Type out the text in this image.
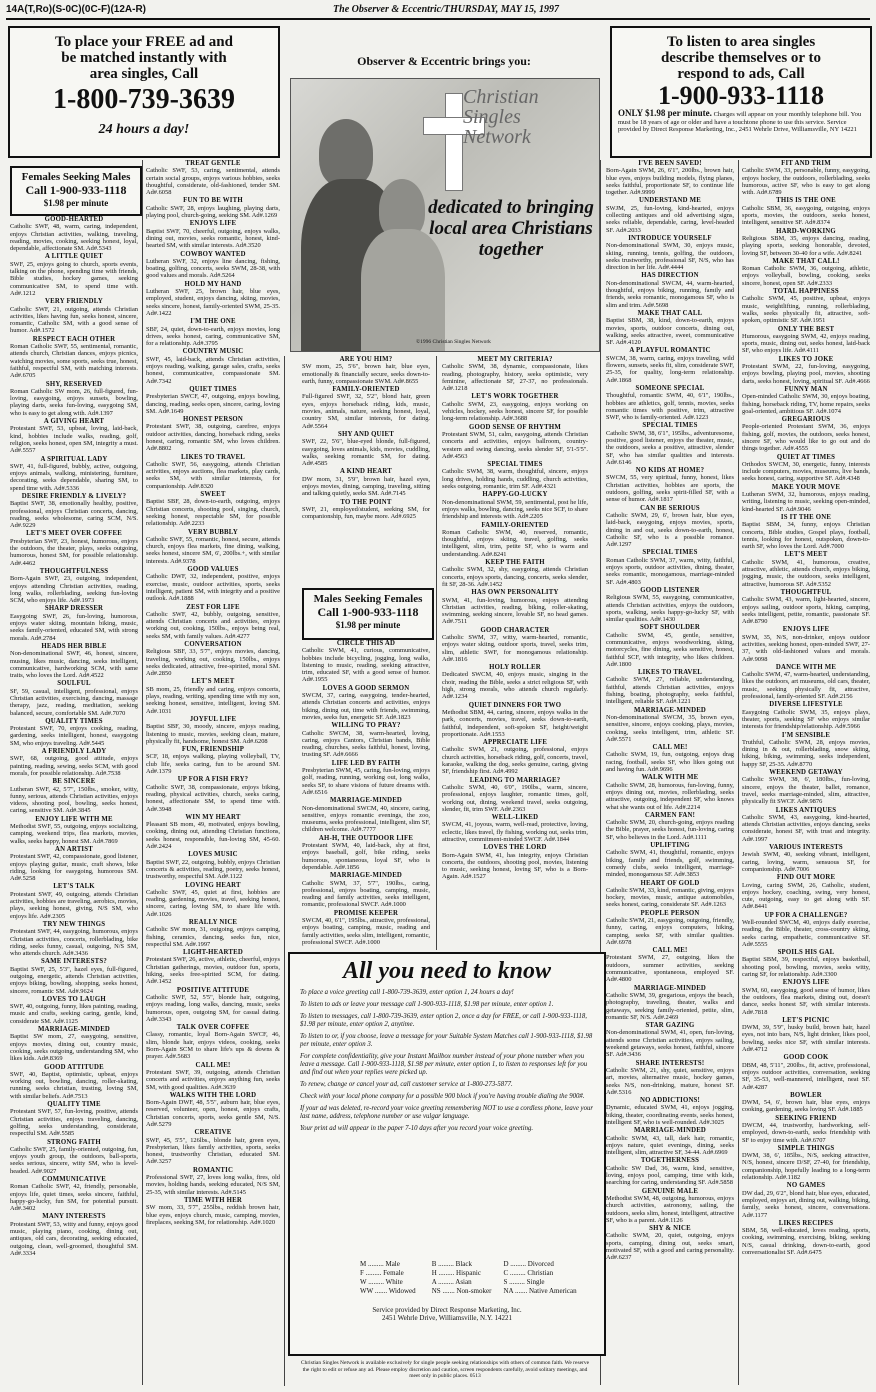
14A(T,Ro)(S-0C)(0C-F)(12A-R)	The Observer & Eccentric/THURSDAY, MAY 15, 1997
To place your FREE ad and
be matched instantly with
area singles, Call
1-800-739-3639
24 hours a day!
Observer & Eccentric brings you:
Christian Singles Network
dedicated to bringing local area Christians together
©1996 Christian Singles Network
To listen to area singles
describe themselves or to
respond to ads, Call
1-900-933-1118
ONLY $1.98 per minute. Charges will appear on your monthly telephone bill. You must be 18 years of age or older and have a touchtone phone to use this service. Service provided by Direct Response Marketing, Inc., 2451 Wehrle Drive, Williamsville, NY 14221
Females Seeking Males
Call 1-900-933-1118
$1.98 per minute
GOOD-HEARTED

Catholic SWF, 48, warm, caring, independent, enjoys Christian activities, walking, traveling, reading, movies, cooking, seeking honest, loyal, dependable, affectionate SM. Ad#.5343

A LITTLE QUIET

SWF, 25, enjoys going to church, sports events, talking on the phone, spending time with friends, Bible studies, hockey games, seeking communicative SM, to spend time with. Ad#.1212

VERY FRIENDLY

Catholic SWF, 21, outgoing, attends Christian activities, likes having fun, seeks honest, sincere, romantic, Catholic SM, with a good sense of humor. Ad#.1572

RESPECT EACH OTHER

Roman Catholic SWF, 55, sentimental, romantic, attends church, Christian dances, enjoys picnics, watching movies, some sports, seeks true, honest, faithful, respectful SM, with matching interests. Ad#.6705

SHY, RESERVED

Roman Catholic SW mom, 26, full-figured, fun-loving, easygoing, enjoys sunsets, bowling, playing darts, seeks fun-loving, easygoing SM, who is easy to get along with. Ad#.1397

A GIVING HEART

Protestant SWF, 53, upbeat, loving, laid-back, kind, hobbies include walks, reading, golf, religion, seeks honest, open SM, integrity a must. Ad#.5557

A SPIRITUAL LADY

SWF, 41, full-figured, bubbly, active, outgoing, enjoys animals, walking, ministering, furniture, decorating, seeks dependable, sharing SM, to spend time with. Ad#.5336

DESIRE FRIENDLY & LIVELY?

Baptist SWF, 38, emotionally healthy, positive, professional, enjoys Christian concerts, dancing, reading, seeks wholesome, caring SCM, N/S. Ad#.9229

LET'S MEET OVER COFFEE

Presbyterian SWF, 23, honest, humorous, enjoys the outdoors, the theater, plays, seeks outgoing, humorous, honest SM, for possible relationship. Ad#.4462

THOUGHTFULNESS

Born-Again SWF, 23, outgoing, independent, enjoys attending Christian activities, reading, long walks, rollerblading, seeking fun-loving SCM, who enjoys life. Ad#.1973

SHARP DRESSER

Easygoing SWF, 26, fun-loving, humorous, enjoys water skiing, mountain biking, music, seeks family-oriented, educated SM, with strong morals. Ad#.2784

HEADS HER BIBLE

Non-denominational SWF, 46, honest, sincere, musing, likes music, dancing, seeks intelligent, communicative, hardworking SCM, with same traits, who loves the Lord. Ad#.4522

SOULFUL

SF, 59, casual, intelligent, professional, enjoys Christian activities, exercising, dancing, massage therapy, jazz, reading, meditation, seeking balanced, secure, comfortable SM. Ad#.7070

QUALITY TIMES

Protestant SWF, 70, enjoys cooking, reading, gardening, seeks intelligent, honest, easygoing SM, who enjoys traveling. Ad#.5445

A FRIENDLY LADY

SWF, 68, outgoing, good attitude, enjoys painting, reading, sewing, seeks SCM, with good morals, for possible relationship. Ad#.7538

BE SINCERE

Lutheran SWF, 42, 5'7", 150lbs., smoker, witty, funny, serious, attends Christian activities, enjoys videos, shooting pool, bowling, seeks honest, caring, sensitive SM. Ad#.3845

ENJOY LIFE WITH ME

Methodist SWF, 55, outgoing, enjoys socializing, camping, weekend trips, flea markets, movies, walks, seeks happy, honest SM. Ad#.7869

AN ARTIST

Protestant SWF, 42, compassionate, good listener, enjoys playing guitar, music, craft shows, bike riding, looking for easygoing, humorous SM. Ad#.5258

LET'S TALK

Protestant SWF, 49, outgoing, attends Christian activities, hobbies are traveling, aerobics, movies, plays, seeking honest, giving, N/S SM, who enjoys life. Ad#.2305

TRY NEW THINGS

Protestant SWF, 44, easygoing, humorous, enjoys Christian activities, concerts, rollerblading, bike riding, seeks funny, casual, outgoing, N/S SM, who attends church. Ad#.3436

SAME INTERESTS?

Baptist SWF, 25, 5'3", hazel eyes, full-figured, outgoing, energetic, attends Christian activities, enjoys biking, bowling, shopping, seeks honest, sincere, romantic SM. Ad#.9624

LOVES TO LAUGH

SWF, 40, outgoing, funny, likes painting, reading, music and crafts, seeking caring, gentle, kind, considerate SM. Ad#.1125

MARRIAGE-MINDED

Baptist SW mom, 27, easygoing, sensitive, enjoys movies, dining out, country music, cooking, seeks outgoing, understanding SM, who likes kids. Ad#.8369

GOOD ATTITUDE

SWF, 40, Baptist, optimistic, upbeat, enjoys working out, bowling, dancing, roller-skating, running, seeks christian, trusting, loving SM, with similar beliefs. Ad#.7513

QUALITY TIME

Protestant SWF, 57, fun-loving, positive, attends Christian activities, enjoys traveling, dancing, golfing, seeks understanding, considerate, respectful SM. Ad#.5585

STRONG FAITH

Catholic SWF, 25, family-oriented, outgoing, fun, enjoys youth group, the outdoors, ball-sports, seeks serious, sincere, witty SM, who is level-headed. Ad#.9027

COMMUNICATIVE

Roman Catholic SWF, 42, friendly, personable, enjoys life, quiet times, seeks sincere, faithful, happy-go-lucky, fun SM, for potential pursuit. Ad#.3402

MANY INTERESTS

Protestant SWF, 53, witty and funny, enjoys good music, playing piano, cooking, dining out, antiques, old cars, decorating, seeking educated, outgoing, clean, well-groomed, thoughtful SM. Ad#.3334

TREAT GENTLE

Catholic SWF, 53, caring, sentimental, attends certain social groups, enjoys various hobbies, seeks thoughtful, considerate, old-fashioned, tender SM. Ad#.6058

FUN TO BE WITH

Catholic SWF, 28, enjoys laughing, playing darts, playing pool, church-going, seeking SM. Ad#.1269

ENJOYS LIFE

Baptist SWF, 70, cheerful, outgoing, enjoys walks, dining out, movies, seeks romantic, honest, kind-hearted SM, with similar interests. Ad#.3520

COWBOY WANTED

Lutheran SWF, 32, enjoys line dancing, fishing, boating, golfing, concerts, seeks SWM, 28-38, with good values and morals. Ad#.5264

HOLD MY HAND

Lutheran SWF, 25, brown hair, blue eyes, employed, student, enjoys dancing, skiing, movies, seeks sincere, honest, family-oriented SWM, 25-35. Ad#.1422

I'M THE ONE

SBF, 24, quiet, down-to-earth, enjoys movies, long drives, seeks honest, caring, communicative SM, for a relationship. Ad#.3795

COUNTRY MUSIC

SWF, 45, laid-back, attends Christian activities, enjoys reading, walking, garage sales, crafts, seeks honest, communicative, compassionate SM. Ad#.7342

QUIET TIMES

Presbyterian SWCF, 47, outgoing, enjoys bowling, dancing, reading, seeks open, sincere, caring, loving SM. Ad#.1649

HONEST PERSON

Protestant SWF, 38, outgoing, carefree, enjoys outdoor activities, dancing, horseback riding, seeks honest, caring, romantic SM, who loves children. Ad#.8802

LIKES TO TRAVEL

Catholic SWF, 56, easygoing, attends Christian activities, enjoys auctions, flea markets, play cards, seeks SM, with similar interests, for companionship. Ad#.8320

SWEET

Baptist SBF, 28, down-to-earth, outgoing, enjoys Christian concerts, shooting pool, singing, church, seeking honest, respectable SM, for possible relationship. Ad#.2233

VERY BUBBLY

Catholic SWF, 55, romantic, honest, secure, attends church, enjoys flea markets, fine dining, walking, seeks honest, sincere SM, 6', 200lbs.+, with similar interests. Ad#.9378

GOOD VALUES

Catholic DWF, 32, independent, positive, enjoys exercise, music, outdoor activities, sports, seeks intelligent, patient SM, with integrity and a positive outlook. Ad#.1888

ZEST FOR LIFE

Catholic SWF, 42, bubbly, outgoing, sensitive, attends Christian concerts and activities, enjoys working out, cooking, 150lbs., enjoys being real, seeks SM, with family values. Ad#.4277

CONVERSATION

Religious SBF, 33, 5'7", enjoys movies, dancing, traveling, working out, cooking, 150lbs., enjoys seeks dedicated, attractive, free-spirited, moral SM. Ad#.2850

LET'S MEET

SB mom, 25, friendly and caring, enjoys concerts, plays, reading, writing, spending time with my son, seeking honest, sensitive, intelligent, loving SM. Ad#.1031

JOYFUL LIFE

Baptist SBF, 30, moody, sincere, enjoys reading, listening to music, movies, seeking clean, mature, physically fit, handsome, honest SM. Ad#.6208

FUN, FRIENDSHIP

SCF, 18, enjoys walking, playing volleyball, TV, club life, seeks caring, fun to be around SM. Ad#.1379

UP FOR A FISH FRY?

Catholic SWF, 38, compassionate, enjoys biking, reading, physical activities, church, seeks caring, honest, affectionate SM, to spend time with. Ad#.3948

WIN MY HEART

Pleasant SB mom, 49, motivated, enjoys bowling, cooking, dining out, attending Christian functions, seeks honest, responsible, fun-loving SM, 45-60. Ad#.2424

LOVES MUSIC

Baptist SWF, 22, outgoing, bubbly, enjoys Christian concerts & activities, reading, poetry, seeks honest, trustworthy, respectful SM. Ad#.1122

LOVING HEART

Catholic SWF, 45, quiet at first, hobbies are reading, gardening, movies, travel, seeking honest, sincere, caring, loving SM, to share life with. Ad#.1026

REALLY NICE

Catholic SW mom, 31, outgoing, enjoys camping, fishing, ceramics, dancing, seeks fun, nice, respectful SM. Ad#.1997

LIGHT-HEARTED

Protestant SWF, 26, active, athletic, cheerful, enjoys Christian gatherings, movies, outdoor fun, sports, hiking, seeks free-spirited SCM, for dating. Ad#.1452

POSITIVE ATTITUDE

Catholic SWF, 52, 5'5", blonde hair, outgoing, enjoys reading, long walks, dancing, music, seeks humorous, open, outgoing SM, for casual dating. Ad#.3343

TALK OVER COFFEE

Classy, romantic, loyal Born-Again SWCF, 46, slim, blonde hair, enjoys videos, cooking, seeks Born-Again SCM to share life's ups & downs & prayer. Ad#.5683

CALL ME!

Protestant SWF, 39, outgoing, attends Christian concerts and activities, enjoys anything fun, seeks SM, with good qualities. Ad#.3639

WALKS WITH THE LORD

Born-Again DWF, 48, 5'5", auburn hair, blue eyes, reserved, volunteer, open, honest, enjoys crafts, Christian concerts, sports, seeks gentle SM, N/S. Ad#.5279

CREATIVE

SWF, 45, 5'5", 126lbs., blonde hair, green eyes, Presbyterian, likes family activities, sports, seeks honest, trustworthy Christian, educated SM. Ad#.3257

ROMANTIC

Professional SWF, 27, loves long walks, fires, old movies, holding hands, seeking educated, N/S SM, 25-35, with similar interests. Ad#.5145

TIME WITH HER

SW mom, 33, 5'7", 255lbs., reddish brown hair, blue eyes, enjoys church, music, camping, movies, fireplaces, seeking SM, for relationship. Ad#.1020

ARE YOU HIM?

SW mom, 25, 5'6", brown hair, blue eyes, emotionally & financially secure, seeks down-to-earth, funny, compassionate SWM. Ad#.8655

FAMILY-ORIENTED

Full-figured SWF, 32, 5'2", blond hair, green eyes, enjoys horseback riding, kids, music, movies, animals, nature, seeking honest, loyal, country SM, similar interests, for dating. Ad#.5564

SHY AND QUIET

SWF, 22, 5'6", blue-eyed blonde, full-figured, easygoing, loves animals, kids, movies, cuddling, walks, seeking romantic SM, for dating. Ad#.4585

A KIND HEART

DW mom, 31, 5'9", brown hair, hazel eyes, enjoys movies, dining, camping, traveling, sitting and talking quietly, seeks SM. Ad#.7145

TO THE POINT

SWF, 21, employed/student, seeking SM, for companionship, fun, maybe more. Ad#.6925

Males Seeking Females
Call 1-900-933-1118
$1.98 per minute
CIRCLE THIS AD

Catholic SWM, 41, curious, communicative, hobbies include bicycling, jogging, long walks, listening to music, reading, seeking attractive, trim, educated SF, with a good sense of humor. Ad#.1955

LOVES A GOOD SERMON

SWCM, 37, caring, easygoing, tender-hearted, attends Christian concerts and activities, enjoys biking, dining out, time with friends, swimming, movies, seeks fun, energetic SF. Ad#.1823

WILLING TO PRAY?

Catholic SWCM, 38, warm-hearted, loving, caring, enjoys Cantors, Christian bands, Bible reading, churches, seeks faithful, honest, loving, trusting SF. Ad#.6666

LIFE LED BY FAITH

Presbyterian SWM, 45, caring, fun-loving, enjoys golf, reading, running, working out, long walks, seeks SF, to share visions of future dreams with. Ad#.6516

MARRIAGE-MINDED

Non-denominational SWCM, 40, sincere, caring, sensitive, enjoys romantic evenings, the zoo, museums, seeks professional, intelligent, slim SF, children welcome. Ad#.7777

AH-H, THE OUTDOOR LIFE

Protestant SWM, 40, laid-back, shy at first, enjoys baseball, golf, bike riding, seeks humorous, spontaneous, loyal SF, who is dependable. Ad#.1856

MARRIAGE-MINDED

Catholic SWM, 37, 5'7", 190lbs., caring, professional, enjoys boating, camping, music, reading and family activities, seeks intelligent, romantic, professional SWCF. Ad#.1000

PROMISE KEEPER

SWCM, 40, 6'1", 195lbs., attractive, professional, enjoys boating, camping, music, reading and family activities, seeks slim, intelligent, romantic, professional SWCF. Ad#.1000

MEET MY CRITERIA?

Catholic SWM, 38, dynamic, compassionate, likes reading, photography, history, seeks optimistic, very feminine, affectionate SF, 27-37, no professionals. Ad#.1218

LET'S WORK TOGETHER

Catholic SWM, 23, easygoing, enjoys working on vehicles, hockey, seeks honest, sincere SF, for possible long-term relationship. Ad#.3688

GOOD SENSE OF RHYTHM

Protestant SWM, 51, calm, easygoing, attends Christian concerts and activities, enjoys ballroom, country-western and swing dancing, seeks slender SF, 5'1-5'5". Ad#.4563

SPECIAL TIMES

Catholic SWM, 38, warm, thoughtful, sincere, enjoys long drives, holding hands, cuddling, church activities, seeks outgoing, romantic, trim SF. Ad#.4321

HAPPY-GO-LUCKY

Non-denominational SWM, 59, sentimental, post he life, enjoys walks, bowling, dancing, seeks nice SCF, to share friendship and interests with. Ad#.2205

FAMILY-ORIENTED

Roman Catholic SWM, 40, reserved, romantic, thoughtful, enjoys skiing, travel, golfing, seeks intelligent, slim, trim, petite SF, who is warm and understanding. Ad#.8241

KEEP THE FAITH

Catholic SWM, 32, shy, easygoing, attends Christian concerts, enjoys sports, dancing, concerts, seeks slender, fit SF, 28-36. Ad#.1452

HAS OWN PERSONALITY

SWM, 41, fun-loving, humorous, enjoys attending Christian activities, reading, biking, roller-skating, swimming, seeking sincere, lovable SF, no head games. Ad#.7511

GOOD CHARACTER

Catholic SWM, 37, witty, warm-hearted, romantic, enjoys water skiing, outdoor sports, travel, seeks trim, slim, athletic SWF, for monogamous relationship. Ad#.1816

HOLY ROLLER

Dedicated SWCM, 40, enjoys music, singing in the choir, reading the Bible, seeks a strict religious SF, with high, strong morals, who attends church regularly. Ad#.1234

QUIET DINNERS FOR TWO

Methodist SBM, 44, caring, sincere, enjoys walks in the park, concerts, movies, travel, seeks down-to-earth, faithful, independent, soft-spoken SF, height/weight proportionate. Ad#.1553

APPRECIATE LIFE

Catholic SWM, 21, outgoing, professional, enjoys church activities, horseback riding, golf, concerts, travel, karaoke, walking the dog, seeks genuine, caring, giving SF, friendship first. Ad#.4992

LEADING TO MARRIAGE?

Catholic SWM, 40, 6'0", 190lbs., warm, sincere, professional, enjoys laughter, romantic times, golf, working out, dining, weekend travel, seeks outgoing, slender, fit, trim SWF. Ad#.2363

WELL-LIKED

SWCM, 41, joyous, warm, well-read, protective, loving, eclectic, likes travel, fly fishing, working out, seeks trim, attractive, commitment-minded SWCF. Ad#.1844

LOVES THE LORD

Born-Again SWM, 41, has integrity, enjoys Christian concerts, the outdoors, shooting pool, movies, listening to music, seeking honest, loving SF, who is a Born-Again. Ad#.1527

I'VE BEEN SAVED!

Born-Again SWM, 26, 6'1", 200lbs., brown hair, blue eyes, enjoys building models, flying planes, seeks faithful, proportionate SF, to continue life together. Ad#.9999

UNDERSTAND ME

SWJM, 25, fun-loving, kind-hearted, enjoys collecting antiques and old advertising signs, seeks reliable, dependable, caring, level-headed SF. Ad#.2033

INTRODUCE YOURSELF

Non-denominational SWM, 30, enjoys music, skiing, running, tennis, golfing, the outdoors, seeks trustworthy, professional SF, N/S, who has direction in her life. Ad#.4444

HAS DIRECTION

Non-denominational SWCM, 44, warm-hearted, thoughtful, enjoys biking, running, family and friends, seeks romantic, monogamous SF, who is slim and trim. Ad#.5698

MAKE THAT CALL

Baptist SBM, 38, kind, down-to-earth, enjoys movies, sports, outdoor concerts, dining out, walking, seeks attractive, sweet, communicative SF. Ad#.4120

A PLAYFUL ROMANTIC

SWCM, 38, warm, caring, enjoys traveling, wild flowers, sunsets, seeks fit, slim, considerate SWF, 25-35, for quality, long-term relationship. Ad#.1868

SOMEONE SPECIAL

Thoughtful, romantic SWM, 40, 6'1", 190lbs., hobbies are athletics, golf, tennis, movies, seeks romantic times with positive, trim, attractive SWF, who is family-oriented. Ad#.1223

SPECIAL TIMES

Catholic SWM, 38, 6'1", 195lbs., adventuresome, positive, good listener, enjoys the theater, music, the outdoors, seeks a positive, attractive, slender SF, who has similar qualities and interests. Ad#.6146

NO KIDS AT HOME?

SWCM, 55, very spiritual, funny, honest, likes Christian activities, hobbies are sports, the outdoors, golfing, seeks spirit-filled SF, with a sense of humor. Ad#.1817

CAN BE SERIOUS

Catholic SWM, 29, 6', brown hair, blue eyes, laid-back, easygoing, enjoys movies, sports, dining in and out, seeks down-to-earth, honest, Catholic SF, who is a possible romance. Ad#.1297

SPECIAL TIMES

Roman Catholic SWM, 37, warm, witty, faithful, enjoys sports, outdoor activities, dining, theater, seeks romantic, monogamous, marriage-minded SF. Ad#.4803

GOOD LISTENER

Religious SWM, 55, easygoing, communicative, attends Christian activities, enjoys the outdoors, sports, walking, seeks happy-go-lucky SF, with similar qualities. Ad#.1430

SOFT SHOULDER

Catholic SWM, 45, gentle, sensitive, communicative, enjoys woodworking, skiing, motorcycles, fine dining, seeks sensitive, honest, faithful SCF, with integrity, who likes children. Ad#.1800

LIKES TO TRAVEL

Catholic SWM, 27, reliable, understanding, faithful, attends Christian activities, enjoys fishing, boating, photography, seeks faithful, intelligent, reliable SF. Ad#.1221

MARRIAGE-MINDED

Non-denominational SWCM, 35, brown eyes, sensitive, sincere, enjoys cooking, plays, movies, cooking, seeks intelligent, trim, athletic SF. Ad#.5571

CALL ME!

Catholic SWM, 19, fun, outgoing, enjoys drag racing, football, seeks SF, who likes going out and having fun. Ad#.9696

WALK WITH ME

Catholic SWM, 28, humorous, fun-loving, funny, enjoys dining out, movies, rollerblading, seeks attractive, outgoing, independent SF, who knows what she wants out of life. Ad#.2214

CARMEN FAN!

Catholic SWM, 20, church-going, enjoys reading the Bible, prayer, seeks honest, fun-loving, caring SF, who believes in the Lord. Ad#.1111

UPLIFTING

Catholic SWM, 41, thoughtful, romantic, enjoys biking, family and friends, golf, swimming, comedy clubs, seeks intelligent, marriage-minded, monogamous SF. Ad#.3853

HEART OF GOLD

Catholic SWM, 33, kind, romantic, giving, enjoys hockey, movies, music, antique automobiles, seeks honest, caring, considerate SF. Ad#.1263

PEOPLE PERSON

Catholic SWM, 21, easygoing, outgoing, friendly, funny, caring, enjoys computers, hiking, camping, seeks SF, with similar qualities. Ad#.6978

CALL ME!

Protestant SWM, 27, outgoing, likes the outdoors, summer activities, seeking communicative, spontaneous, employed SF. Ad#.4800

MARRIAGE-MINDED

Catholic SWM, 39, gregarious, enjoys the beach, photography, traveling, theater, walks and getaways, seeking family-oriented, petite, slim, romantic SF, N/S. Ad#.2469

STAR GAZING

Non-denominational SWM, 41, open, fun-loving, attends some Christian activities, enjoys sailing, weekend getaways, seeks honest, faithful, sincere SF. Ad#.3436

SHARE INTERESTS!

Catholic SWM, 21, shy, quiet, sensitive, enjoys art, movies, alternative music, hockey games, seeks N/S, non-drinking, mature, honest SF. Ad#.5316

NO ADDICTIONS!

Dynamic, educated SWM, 41, enjoys jogging, biking, theater, coordinating events, seeks honest, intelligent SF, who is well-rounded. Ad#.3025

MARRIAGE-MINDED

Catholic SWM, 43, tall, dark hair, romantic, enjoys nature, quiet evenings, dining, seeks intelligent, slim, attractive SF, 34-44. Ad#.6969

TOGETHERNESS

Catholic SW Dad, 36, warm, kind, sensitive, loving, enjoys pool, camping, time with kids, searching for caring, understanding SF. Ad#.5858

GENUINE MALE

Methodist SWM, 48, outgoing, humorous, enjoys church activities, astronomy, sailing, the outdoors, seeks slim, honest, intelligent, attractive SF, who is a parent. Ad#.1126

SHY & NICE

Catholic SWM, 20, quiet, outgoing, enjoys sports, camping, dining out, seeks smart, motivated SF, with a good and caring personality. Ad#.6237

FIT AND TRIM

Catholic SWM, 33, personable, funny, easygoing, enjoys hockey, the outdoors, rollerblading, seeks humorous, active SF, who is easy to get along with. Ad#.6789

THIS IS THE ONE

Catholic SBM, 36, easygoing, outgoing, enjoys sports, movies, the outdoors, seeks honest, intelligent, sensitive SF. Ad#.8374

HARD-WORKING

Religious SBM, 35, enjoys dancing, reading, playing sports, seeking honorable, devoted, loving SF, between 30-40 for a wife. Ad#.8241

MAKE THAT CALL!

Roman Catholic SWM, 36, outgoing, athletic, enjoys volleyball, bowling, cooking, seeks sincere, honest, open SF. Ad#.2333

TOTAL HAPPINESS

Catholic SWM, 45, positive, upbeat, enjoys music, weightlifting, running, rollerblading, walks, seeks physically fit, attractive, soft-spoken, optimistic SF. Ad#.1951

ONLY THE BEST

Humorous, easygoing SWM, 42, enjoys reading, sports, music, dining out, seeks honest, laid-back SF, who enjoys life. Ad#.4111

LIKES TO JOKE

Protestant SWM, 22, fun-loving, easygoing, enjoys bowling, playing pool, movies, shooting darts, seeks honest, loving, spiritual SF. Ad#.4666

FUNNY MAN

Open-minded Catholic SWM, 30, enjoys boating, fishing, horseback riding, TV, home repairs, seeks goal-oriented, ambitious SF. Ad#.1074

GREGARIOUS

People-oriented Protestant SWM, 36, enjoys fishing, golf, movies, the outdoors, seeks honest, sincere SF, who would like to go out and do things together. Ad#.4555

QUIET AT TIMES

Orthodox SWCM, 30, energetic, funny, interests include computers, movies, museums, live bands, seeks honest, caring, supportive SF. Ad#.4348

MAKE YOUR MOVE

Lutheran SWM, 32, humorous, enjoys reading, writing, listening to music, seeking open-minded, kind-hearted SF. Ad#.9046

IS IT THE ONE

Baptist SBM, 34, funny, enjoys Christian concerts, Bible studies, Gospel plays, football, tennis, looking for honest, outspoken, down-to-earth SF, who loves the Lord. Ad#.7000

LET'S MEET

Catholic SWM, 41, humorous, creative, attractive, athletic, attends church, enjoys biking, jogging, music, the outdoors, seeks intelligent, attractive, humorous SF. Ad#.5352

THOUGHTFUL

Catholic SWM, 43, warm, light-hearted, sincere, enjoys sailing, outdoor sports, hiking, camping, seeks intelligent, petite, romantic, passionate SF. Ad#.8790

ENJOYS LIFE

SWM, 35, N/S, non-drinker, enjoys outdoor activities, seeking honest, open-minded SWF, 27-37, with old-fashioned values and morals. Ad#.9098

DANCE WITH ME

Catholic SWM, 47, warm-hearted, understanding, likes the outdoors, art museums, old cars, theater, music, seeking physically fit, attractive, professional, family-oriented SF. Ad#.2156

DIVERSE LIFESTYLE

Easygoing Catholic SWM, 35, enjoys plays, theater, sports, seeking SF who enjoys similar interests for friendship/relationship. Ad#.5966

I'M SENSIBLE

Truthful, Catholic SWM, 28, enjoys movies, dining in & out, rollerblading, snow skiing, hiking, biking, swimming, seeks independent, happy SF, 25-35. Ad#.8770

WEEKEND GETAWAY

Catholic SWM, 38, 6', 180lbs., fun-loving, sincere, enjoys the theater, ballet, romance, travel, seeks marriage-minded, slim, attractive, physically fit SWCF. Ad#.9876

LIKES ANTIQUES

Catholic SWM, 43, easygoing, kind-hearted, attends Christian activities, enjoys dancing, seeks considerate, honest SF, with trust and integrity. Ad#.1997

VARIOUS INTERESTS

Jewish SWM, 40, seeking vibrant, intelligent, caring, loving, warm, sensuous SF, for companionship. Ad#.7006

FIND OUT MORE

Loving, caring SWM, 26, Catholic, student, enjoys hockey, coaching, swing, very honest, cute, outgoing, easy to get along with SF. Ad#.8441

UP FOR A CHALLENGE?

Well-rounded SWCM, 40, enjoys daily exercise, reading, the Bible, theater, cross-country skiing, seeks caring, empathetic, communicative SF. Ad#.5555

SPOILS HIS GAL

Baptist SBM, 39, respectful, enjoys basketball, shooting pool, bowling, movies, seeks witty, caring SF, for relationship. Ad#.3300

ENJOYS LIFE

SWM, 60, easygoing, good sense of humor, likes the outdoors, flea markets, dining out, doesn't dance, seeks honest SF, with similar interests. Ad#.7818

LET'S PICNIC

DWM, 39, 5'9", husky build, brown hair, hazel eyes, not into bars, N/S, light drinker, likes pool, bowling, seeks nice SF, with similar interests. Ad#.4712

GOOD COOK

DBM, 48, 5'11", 200lbs., fit, active, professional, enjoys outdoor activities, conversation, seeking SF, 35-53, well-mannered, intelligent, neat SF. Ad#.4287

BOWLER

DWM, 54, 6', brown hair, blue eyes, enjoys cooking, gardening, seeks loving SF. Ad#.1885

SEEKING FRIEND

DWCM, 44, trustworthy, hardworking, self-employed, down-to-earth, seeks friendship with SF to enjoy time with. Ad#.6707

SIMPLE THINGS

DWM, 38, 6', 185lbs., N/S, seeking attractive, N/S, honest, sincere D/SF, 27-40, for friendship, companionship, hopefully leading to a long-term relationship. Ad#.1182

NO GAMES

DW dad, 29, 6'2", blond hair, blue eyes, educated, employed, enjoys art, dining out, walking, biking, family, seeks honest, sincere, conversations. Ad#.1177

LIKES RECIPES

SBM, 58, well-educated, loves reading, sports, cooking, swimming, exercising, biking, seeking N/S, casual drinking, down-to-earth, good conversationalist SF. Ad#.6475

All you need to know
To place a voice greeting call 1-800-739-3639, enter option 1, 24 hours a day!
To listen to ads or leave your message call 1-900-933-1118, $1.98 per minute, enter option 1.
To listen to messages, call 1-800-739-3639, enter option 2, once a day for FREE, or call 1-900-933-1118, $1.98 per minute, enter option 2, anytime.
To listen to or, if you choose, leave a message for your Suitable System Matches call 1-900-933-1118, $1.98 per minute, enter option 3.
For complete confidentiality, give your Instant Mailbox number instead of your phone number when you leave a message. Call 1-900-933-1118, $1.98 per minute, enter option 1, to listen to responses left for you and find out when your replies were picked up.
To renew, change or cancel your ad, call customer service at 1-800-273-5877.
Check with your local phone company for a possible 900 block if you're having trouble dialing the 900#.
If your ad was deleted, re-record your voice greeting remembering NOT to use a cordless phone, leave your last name, address, telephone number or use vulgar language.
Your print ad will appear in the paper 7-10 days after you record your voice greeting.
M ......... Male
F ......... Female
W ......... White
WW ....... Widowed

B ......... Black
H ......... Hispanic
A ......... Asian
NS ....... Non-smoker

D ......... Divorced
C ......... Christian
S ......... Single
NA ....... Native American
Service provided by Direct Response Marketing, Inc.
2451 Wehrle Drive, Williamsville, N.Y. 14221
Christian Singles Network is available exclusively for single people seeking relationships with others of common faith. We reserve the right to edit or refuse any ad. Please employ discretion and caution, screen respondents carefully, avoid solitary meetings, and meet only in public places. 0513
